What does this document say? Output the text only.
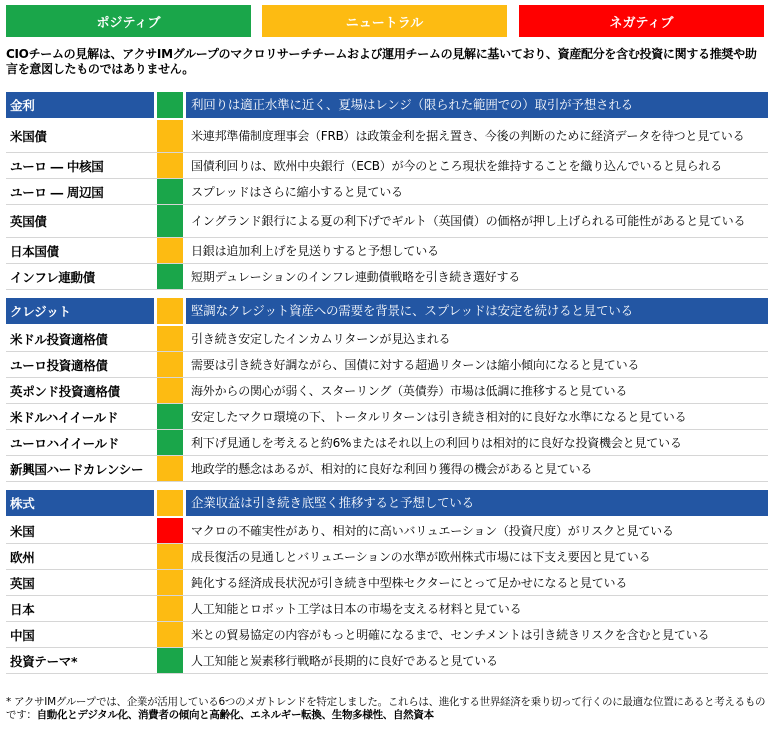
ポジティブ	ニュートラル	ネガティブ
CIOチームの見解は、アクサIMグループのマクロリサーチチームおよび運用チームの見解に基いており、資産配分を含む投資に関する推奨や助言を意図したものではありません。
金利	利回りは適正水準に近く、夏場はレンジ（限られた範囲での）取引が予想される
米国債	米連邦準備制度理事会（FRB）は政策金利を据え置き、今後の判断のために経済データを待つと見ている
ユーロ ― 中核国	国債利回りは、欧州中央銀行（ECB）が今のところ現状を維持することを織り込んでいると見られる
ユーロ ― 周辺国	スプレッドはさらに縮小すると見ている
英国債	イングランド銀行による夏の利下げでギルト（英国債）の価格が押し上げられる可能性があると見ている
日本国債	日銀は追加利上げを見送りすると予想している
インフレ連動債	短期デュレーションのインフレ連動債戦略を引き続き選好する
クレジット	堅調なクレジット資産への需要を背景に、スプレッドは安定を続けると見ている
米ドル投資適格債	引き続き安定したインカムリターンが見込まれる
ユーロ投資適格債	需要は引き続き好調ながら、国債に対する超過リターンは縮小傾向になると見ている
英ポンド投資適格債	海外からの関心が弱く、スターリング（英債券）市場は低調に推移すると見ている
米ドルハイイールド	安定したマクロ環境の下、トータルリターンは引き続き相対的に良好な水準になると見ている
ユーロハイイールド	利下げ見通しを考えると約6%またはそれ以上の利回りは相対的に良好な投資機会と見ている
新興国ハードカレンシー	地政学的懸念はあるが、相対的に良好な利回り獲得の機会があると見ている
株式	企業収益は引き続き底堅く推移すると予想している
米国	マクロの不確実性があり、相対的に高いバリュエーション（投資尺度）がリスクと見ている
欧州	成長復活の見通しとバリュエーションの水準が欧州株式市場には下支え要因と見ている
英国	鈍化する経済成長状況が引き続き中型株セクターにとって足かせになると見ている
日本	人工知能とロボット工学は日本の市場を支える材料と見ている
中国	米との貿易協定の内容がもっと明確になるまで、センチメントは引き続きリスクを含むと見ている
投資テーマ*	人工知能と炭素移行戦略が長期的に良好であると見ている
* アクサIMグループでは、企業が活用している6つのメガトレンドを特定しました。これらは、進化する世界経済を乗り切って行くのに最適な位置にあると考えるものです：自動化とデジタル化、消費者の傾向と高齢化、エネルギー転換、生物多様性、自然資本
